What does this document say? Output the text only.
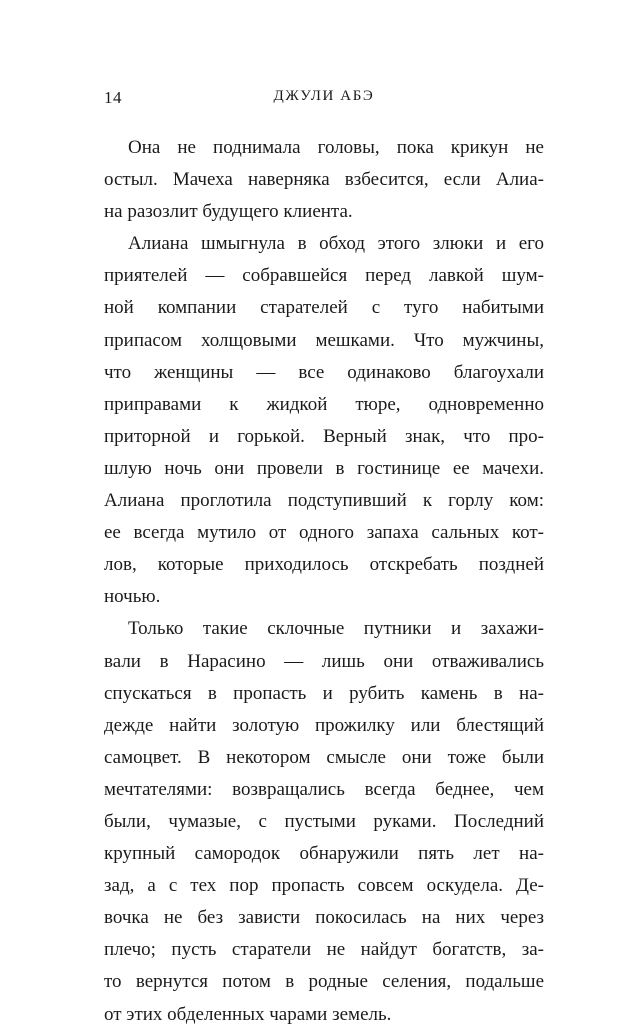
14	ДЖУЛИ АБЭ
Она не поднимала головы, пока крикун не
остыл. Мачеха наверняка взбесится, если Алиа-
на разозлит будущего клиента.
Алиана шмыгнула в обход этого злюки и его
приятелей — собравшейся перед лавкой шум-
ной компании старателей с туго набитыми
припасом холщовыми мешками. Что мужчины,
что женщины — все одинаково благоухали
приправами к жидкой тюре, одновременно
приторной и горькой. Верный знак, что про-
шлую ночь они провели в гостинице ее мачехи.
Алиана проглотила подступивший к горлу ком:
ее всегда мутило от одного запаха сальных кот-
лов, которые приходилось отскребать поздней
ночью.
Только такие склочные путники и захажи-
вали в Нарасино — лишь они отваживались
спускаться в пропасть и рубить камень в на-
дежде найти золотую прожилку или блестящий
самоцвет. В некотором смысле они тоже были
мечтателями: возвращались всегда беднее, чем
были, чумазые, с пустыми руками. Последний
крупный самородок обнаружили пять лет на-
зад, а с тех пор пропасть совсем оскудела. Де-
вочка не без зависти покосилась на них через
плечо; пусть старатели не найдут богатств, за-
то вернутся потом в родные селения, подальше
от этих обделенных чарами земель.
